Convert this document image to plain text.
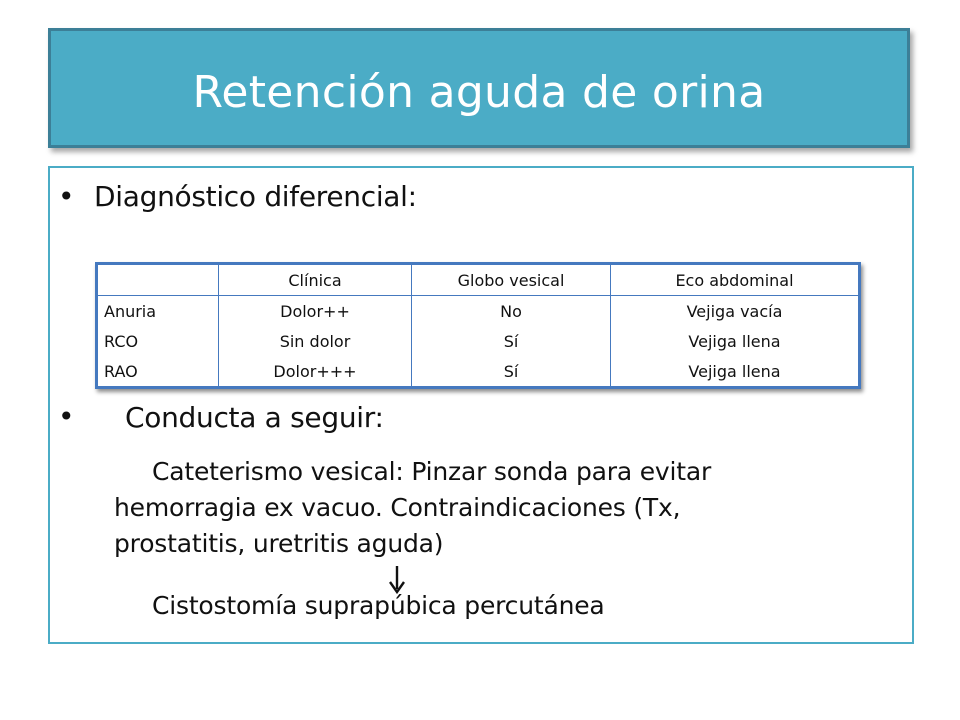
Retención aguda de orina
• Diagnóstico diferencial:
	Clínica	Globo vesical	Eco abdominal
Anuria	Dolor++	No	Vejiga vacía
RCO	Sin dolor	Sí	Vejiga llena
RAO	Dolor+++	Sí	Vejiga llena
• Conducta a seguir:
Cateterismo vesical: Pinzar sonda para evitar
hemorragia ex vacuo. Contraindicaciones (Tx,
prostatitis, uretritis aguda)
Cistostomía suprapúbica percutánea
